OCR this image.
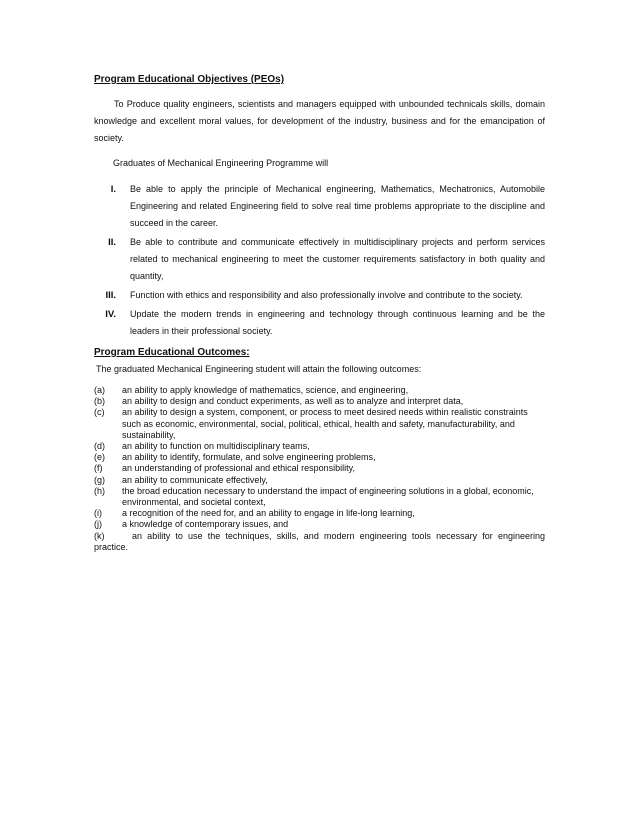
Program Educational Objectives (PEOs)
To Produce quality engineers, scientists and managers equipped with unbounded technicals skills, domain knowledge and excellent moral values, for development of the industry, business and for the emancipation of society.
Graduates of Mechanical Engineering Programme will
I. Be able to apply the principle of Mechanical engineering, Mathematics, Mechatronics, Automobile Engineering and related Engineering field to solve real time problems appropriate to the discipline and succeed in the career.
II. Be able to contribute and communicate effectively in multidisciplinary projects and perform services related to mechanical engineering to meet the customer requirements satisfactory in both quality and quantity,
III. Function with ethics and responsibility and also professionally involve and contribute to the society.
IV. Update the modern trends in engineering and technology through continuous learning and be the leaders in their professional society.
Program Educational Outcomes:
The graduated Mechanical Engineering student will attain the following outcomes:
(a) an ability to apply knowledge of mathematics, science, and engineering,
(b) an ability to design and conduct experiments, as well as to analyze and interpret data,
(c) an ability to design a system, component, or process to meet desired needs within realistic constraints such as economic, environmental, social, political, ethical, health and safety, manufacturability, and sustainability,
(d) an ability to function on multidisciplinary teams,
(e) an ability to identify, formulate, and solve engineering problems,
(f) an understanding of professional and ethical responsibility,
(g) an ability to communicate effectively,
(h) the broad education necessary to understand the impact of engineering solutions in a global, economic, environmental, and societal context,
(i) a recognition of the need for, and an ability to engage in life-long learning,
(j) a knowledge of contemporary issues, and
(k)	an ability to use the techniques, skills, and modern engineering tools necessary for engineering practice.
